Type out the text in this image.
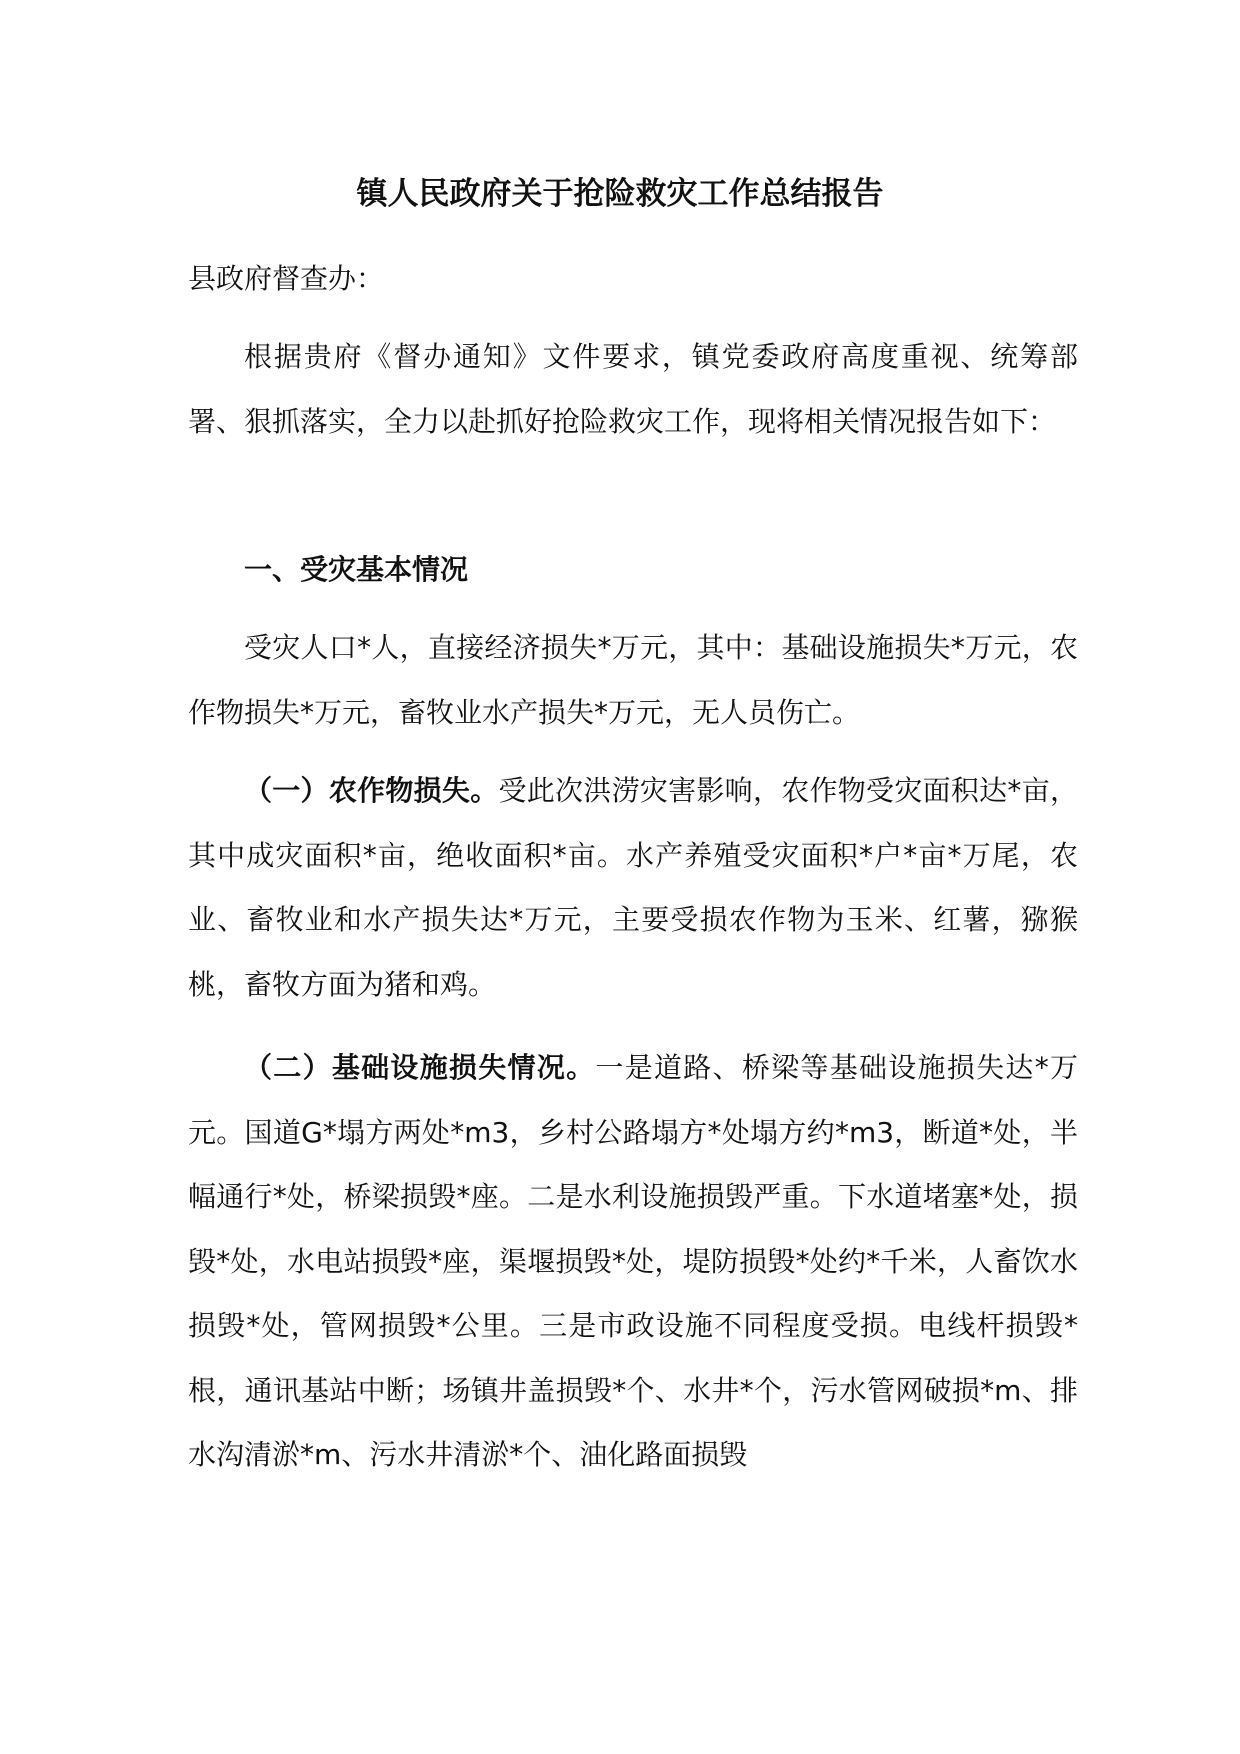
镇人民政府关于抢险救灾工作总结报告

县政府督查办：

根据贵府《督办通知》文件要求，镇党委政府高度重视、统筹部署、狠抓落实，全力以赴抓好抢险救灾工作，现将相关情况报告如下：

一、受灾基本情况

受灾人口*人，直接经济损失*万元，其中：基础设施损失*万元，农作物损失*万元，畜牧业水产损失*万元，无人员伤亡。

（一）农作物损失。受此次洪涝灾害影响，农作物受灾面积达*亩，其中成灾面积*亩，绝收面积*亩。水产养殖受灾面积*户*亩*万尾，农业、畜牧业和水产损失达*万元，主要受损农作物为玉米、红薯，猕猴桃，畜牧方面为猪和鸡。

（二）基础设施损失情况。一是道路、桥梁等基础设施损失达*万元。国道G*塌方两处*m3，乡村公路塌方*处塌方约*m3，断道*处，半幅通行*处，桥梁损毁*座。二是水利设施损毁严重。下水道堵塞*处，损毁*处，水电站损毁*座，渠堰损毁*处，堤防损毁*处约*千米，人畜饮水损毁*处，管网损毁*公里。三是市政设施不同程度受损。电线杆损毁*根，通讯基站中断；场镇井盖损毁*个、水井*个，污水管网破损*m、排水沟清淤*m、污水井清淤*个、油化路面损毁
